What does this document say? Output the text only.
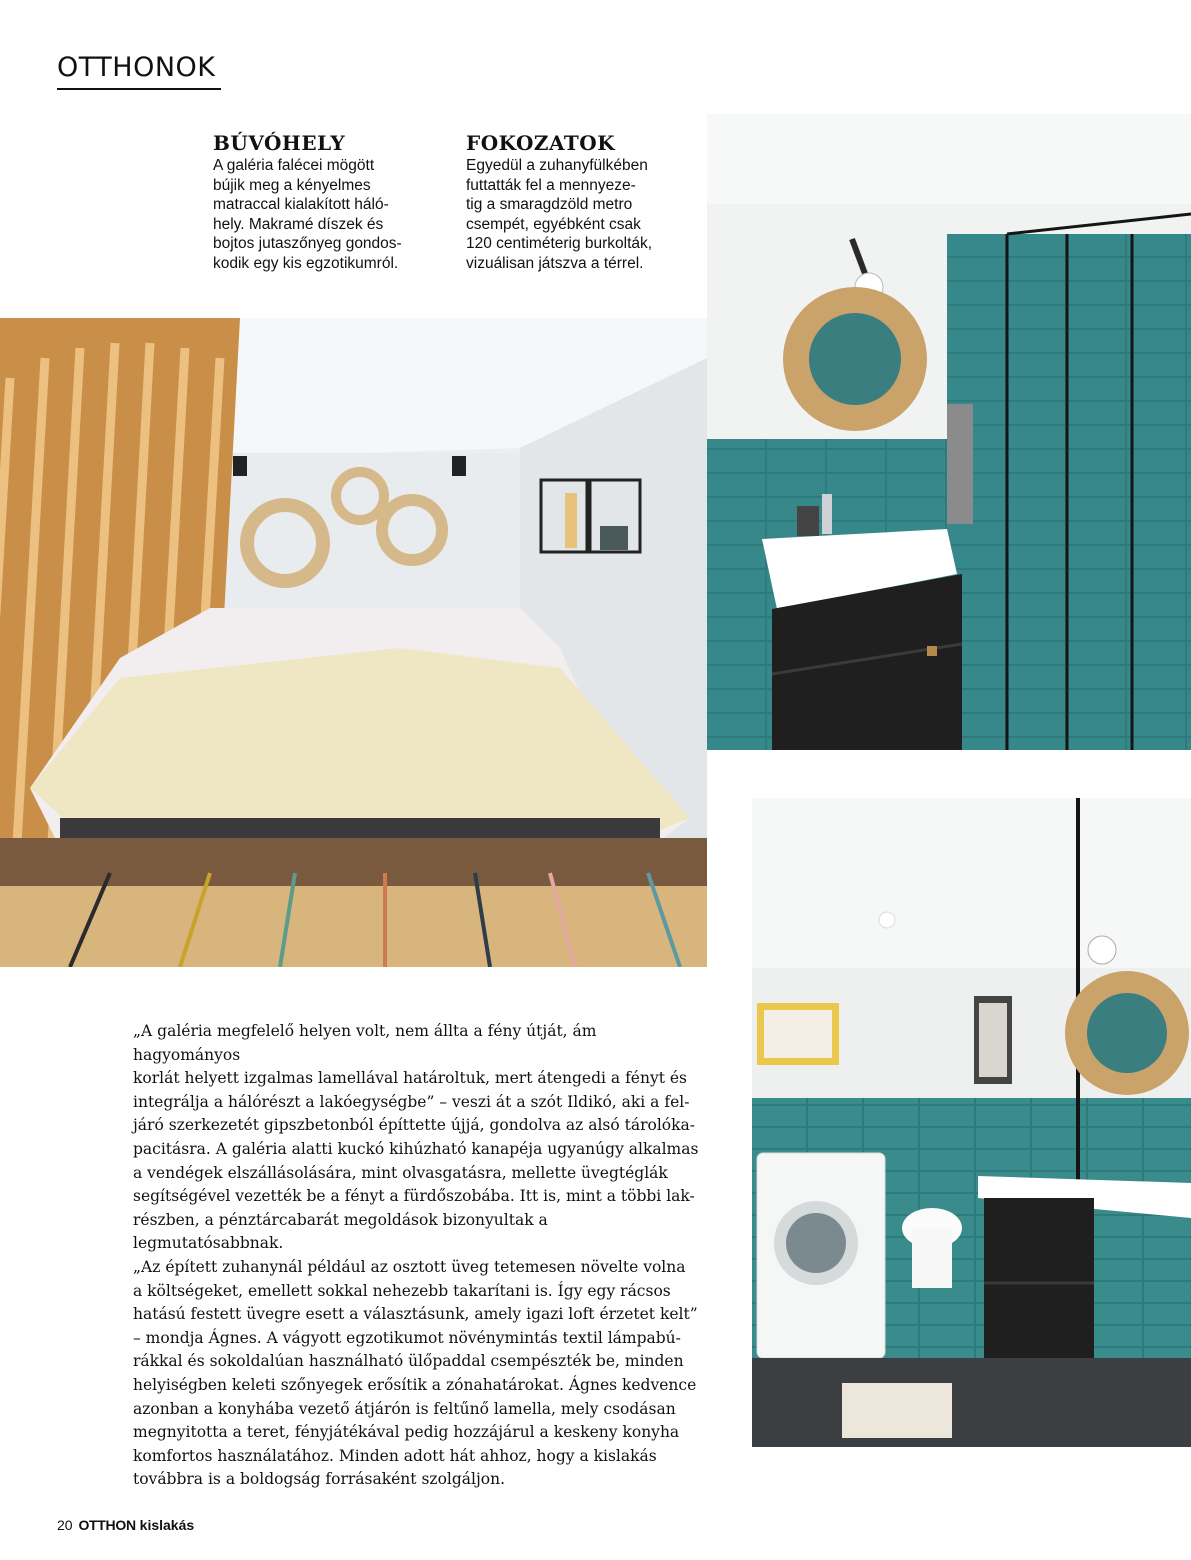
OTTHONOK
BÚVÓHELY

A galéria falécei mögött
bújik meg a kényelmes
matraccal kialakított háló-
hely. Makramé díszek és
bojtos jutaszőnyeg gondos-
kodik egy kis egzotikumról.

FOKOZATOK

Egyedül a zuhanyfülkében
futtatták fel a mennyeze-
tig a smaragdzöld metro
csempét, egyébként csak
120 centiméterig burkolták,
vizuálisan játszva a térrel.

„A galéria megfelelő helyen volt, nem állta a fény útját, ám hagyományos
korlát helyett izgalmas lamellával határoltuk, mert átengedi a fényt és
integrálja a hálórészt a lakóegységbe” – veszi át a szót Ildikó, aki a fel-
járó szerkezetét gipszbetonból építtette újjá, gondolva az alsó tárolóka-
pacitásra. A galéria alatti kuckó kihúzható kanapéja ugyanúgy alkalmas
a vendégek elszállásolására, mint olvasgatásra, mellette üvegtéglák
segítségével vezették be a fényt a fürdőszobába. Itt is, mint a többi lak-
részben, a pénztárcabarát megoldások bizonyultak a legmutatósabbnak.
„Az épített zuhanynál például az osztott üveg tetemesen növelte volna
a költségeket, emellett sokkal nehezebb takarítani is. Így egy rácsos
hatású festett üvegre esett a választásunk, amely igazi loft érzetet kelt”
– mondja Ágnes. A vágyott egzotikumot növénymintás textil lámpabú-
rákkal és sokoldalúan használható ülőpaddal csempészték be, minden
helyiségben keleti szőnyegek erősítik a zónahatárokat. Ágnes kedvence
azonban a konyhába vezető átjárón is feltűnő lamella, mely csodásan
megnyitotta a teret, fényjátékával pedig hozzájárul a keskeny konyha
komfortos használatához. Minden adott hát ahhoz, hogy a kislakás
továbbra is a boldogság forrásaként szolgáljon.

20 OTTHON kislakás
